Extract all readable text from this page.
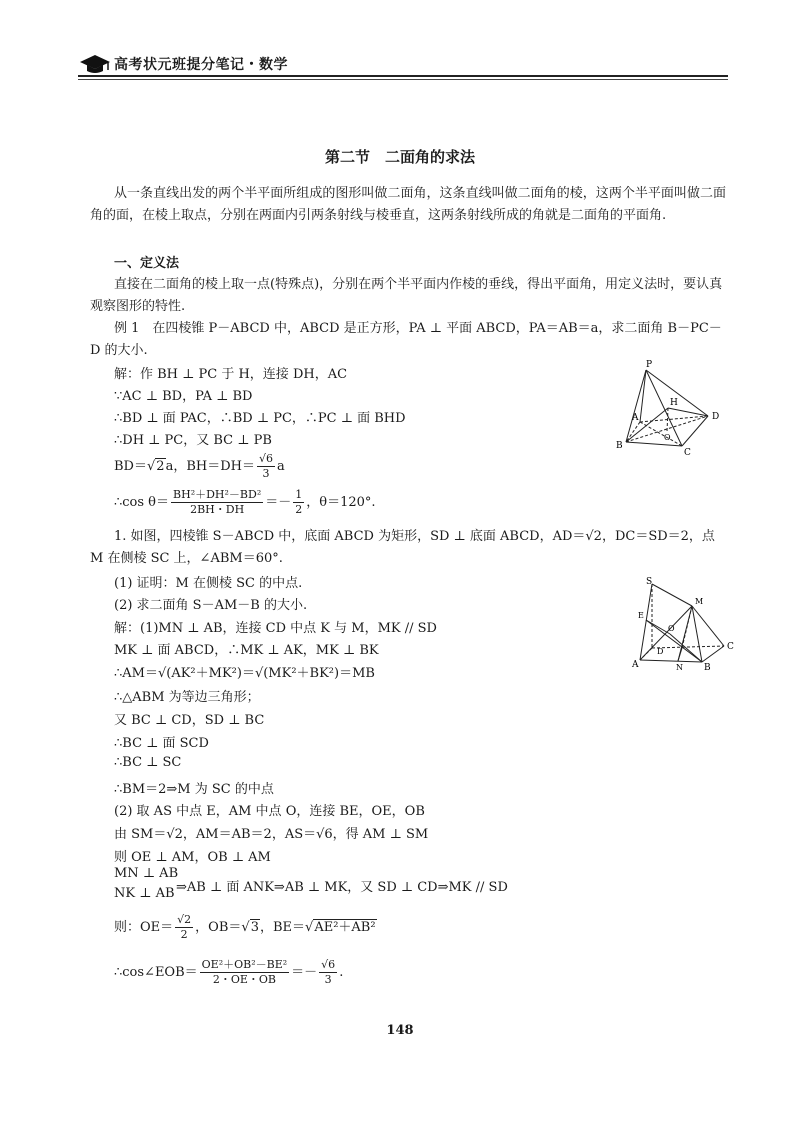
高考状元班提分笔记・数学
第二节　二面角的求法
从一条直线出发的两个半平面所组成的图形叫做二面角，这条直线叫做二面角的棱，这两个半平面叫做二面角的面，在棱上取点，分别在两面内引两条射线与棱垂直，这两条射线所成的角就是二面角的平面角.
一、定义法
直接在二面角的棱上取一点(特殊点)，分别在两个半平面内作棱的垂线，得出平面角，用定义法时，要认真观察图形的特性.
例 1　在四棱锥 P－ABCD 中，ABCD 是正方形，PA ⊥ 平面 ABCD，PA＝AB＝a，求二面角 B－PC－D 的大小.
解：作 BH ⊥ PC 于 H，连接 DH，AC
∵AC ⊥ BD，PA ⊥ BD
∴BD ⊥ 面 PAC，∴BD ⊥ PC，∴PC ⊥ 面 BHD
∴DH ⊥ PC，又 BC ⊥ PB
BD＝√2a，$BH=DH= \frac{√6}{3}$ a
∴cos $\theta= \frac{\text{BH²＋DH²－BD²}}{2BH・DH} =- \frac{1}{2}$ ，θ＝120°.
P
A
H
D
O
B
C
1. 如图，四棱锥 S－ABCD 中，底面 ABCD 为矩形，SD ⊥ 底面 ABCD，AD＝√2，DC＝SD＝2，点 M 在侧棱 SC 上，∠ABM＝60°.
(1) 证明：M 在侧棱 SC 的中点.
(2) 求二面角 S－AM－B 的大小.
解：(1)MN ⊥ AB，连接 CD 中点 K 与 M，MK // SD
MK ⊥ 面 ABCD，∴MK ⊥ AK，MK ⊥ BK
∴AM＝√(AK²＋MK²)＝√(MK²＋BK²)＝MB
∴△ABM 为等边三角形；
又 BC ⊥ CD，SD ⊥ BC
∴BC ⊥ 面 SCD
∴BC ⊥ SC
∴BM＝2⇒M 为 SC 的中点
(2) 取 AS 中点 E，AM 中点 O，连接 BE，OE，OB
由 SM＝√2，AM＝AB＝2，AS＝√6，得 AM ⊥ SM
则 OE ⊥ AM，OB ⊥ AM
MN ⊥ AB
NK ⊥ AB ⇒AB ⊥ 面 ANK⇒AB ⊥ MK，又 SD ⊥ CD⇒MK // SD
则：$OE= \frac{√2}{2}$ ，OB＝√3，BE＝√AE²＋AB²
∴cos∠EOB＝ $\frac{\text{OE²＋OB²－BE²}}{2・OE・OB} =- \frac{√6}{3}$ .
S
E
M
O
D	C
A	N B
148
